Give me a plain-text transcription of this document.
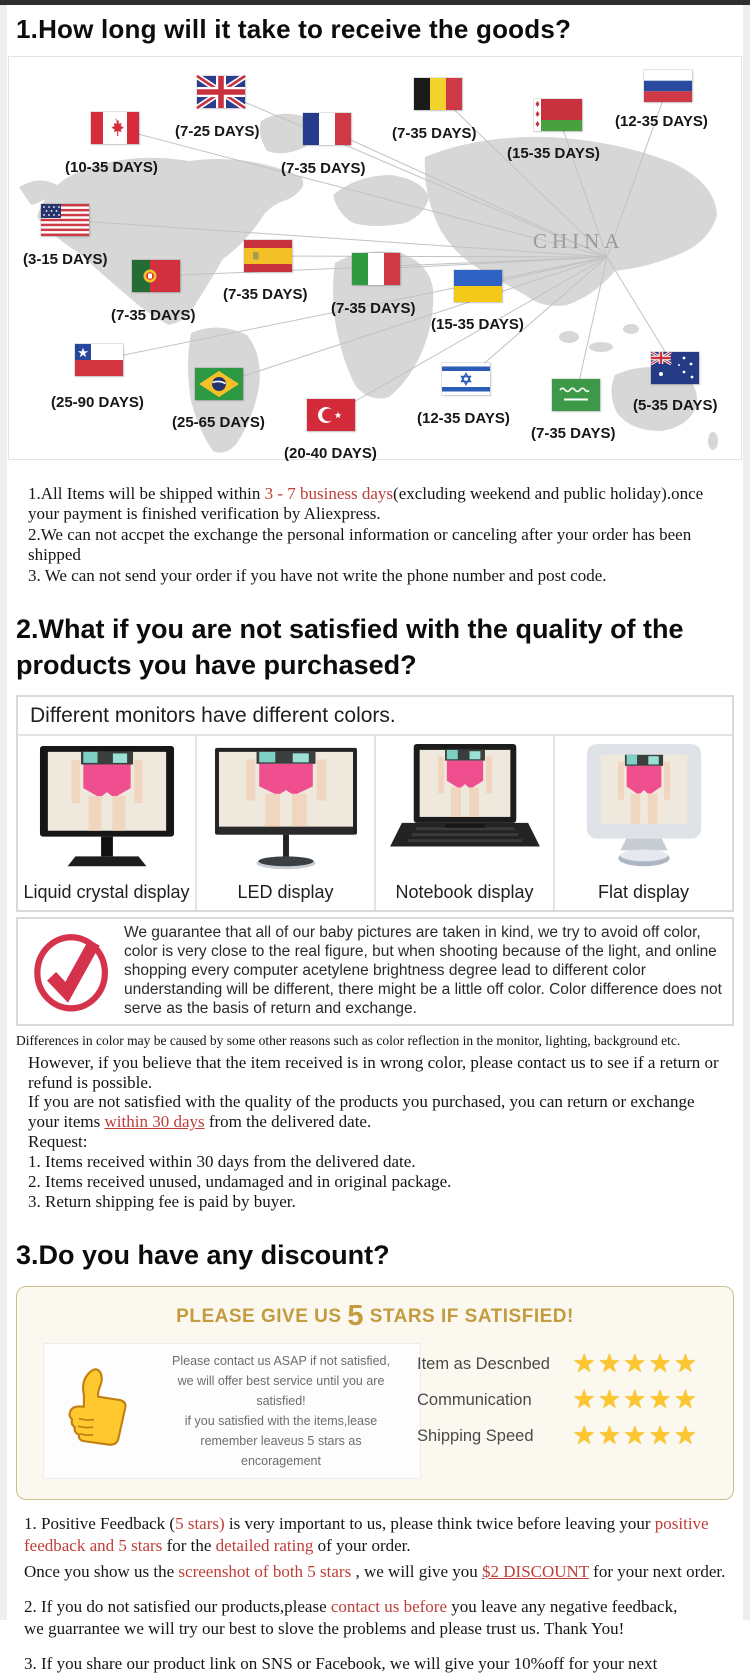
1.How long will it take to receive the goods?
CHINA
(7-25 DAYS)
(10-35 DAYS)	(7-35 DAYS)
(7-35 DAYS)
(15-35 DAYS)
(12-35 DAYS)
(3-15 DAYS)
(7-35 DAYS)
(7-35 DAYS)
(7-35 DAYS)
(15-35 DAYS)
(25-90 DAYS)
(25-65 DAYS)
(20-40 DAYS)
(12-35 DAYS)
(7-35 DAYS)
(5-35 DAYS)

1.All Items will be shipped within 3 - 7 business days(excluding weekend and public holiday).once your payment is finished verification by Aliexpress.

2.We can not accpet the exchange the personal information or canceling after your order has been shipped

3. We can not send your order if you have not write the phone number and post code.

2.What if you are not satisfied with the quality of the products you have purchased?
Different monitors have different colors.
Liquid crystal display	LED display	Notebook display	Flat display
We guarantee that all of our baby pictures are taken in kind, we try to avoid off color, color is very close to the real figure, but when shooting because of the light, and online shopping every computer acetylene brightness degree lead to different color understanding will be different, there might be a little off color. Color difference does not serve as the basis of return and exchange.
Differences in color may be caused by some other reasons such as color reflection in the monitor, lighting, background etc.

However, if you believe that the item received is in wrong color, please contact us to see if a return or refund is possible.

If you are not satisfied with the quality of the products you purchased, you can return or exchange your items within 30 days from the delivered date.

Request:

1. Items received within 30 days from the delivered date.

2. Items received unused, undamaged and in original package.

3. Return shipping fee is paid by buyer.

3.Do you have any discount?
PLEASE GIVE US 5 STARS IF SATISFIED!
Please contact us ASAP if not satisfied,
we will offer best service until you are
satisfied!
if you satisfied with the items,lease
remember leaveus 5 stars as
encoragement
Item as Descnbed ★★★★★
Communication ★★★★★
Shipping Speed ★★★★★

1. Positive Feedback (5 stars) is very important to us, please think twice before leaving your positive feedback and 5 stars for the detailed rating of your order.

Once you show us the screenshot of both 5 stars , we will give you $2 DISCOUNT for your next order.

2. If you do not satisfied our products,please contact us before you leave any negative feedback,
we guarrantee we will try our best to slove the problems and please trust us. Thank You!

3. If you share our product link on SNS or Facebook, we will give your 10%off for your next
